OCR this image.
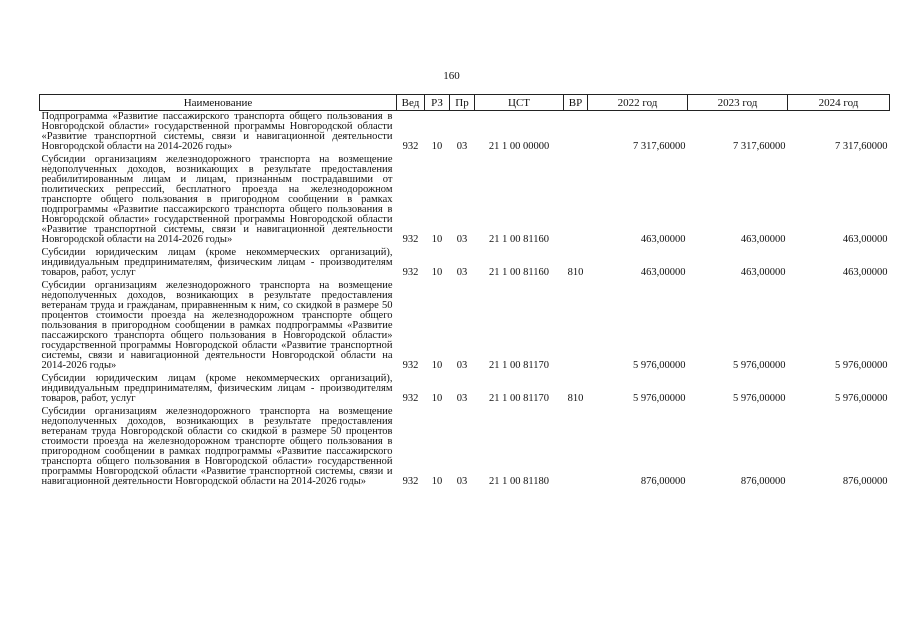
160
Наименование	Вед	РЗ	Пр	ЦСТ	ВР	2022 год	2023 год	2024 год
Подпрограмма «Развитие пассажирского транспорта общего пользования в Новгородской области» государственной программы Новгородской области «Развитие транспортной системы, связи и навигационной деятельности Новгородской области на 2014-2026 годы»	932	10	03	21 1 00 00000		7 317,60000	7 317,60000	7 317,60000
Субсидии организациям железнодорожного транспорта на возмещение недополученных доходов, возникающих в результате предоставления реабилитированным лицам и лицам, признанным пострадавшими от политических репрессий, бесплатного проезда на железнодорожном транспорте общего пользования в пригородном сообщении в рамках подпрограммы «Развитие пассажирского транспорта общего пользования в Новгородской области» государственной программы Новгородской области «Развитие транспортной системы, связи и навигационной деятельности Новгородской области на 2014-2026 годы»	932	10	03	21 1 00 81160		463,00000	463,00000	463,00000
Субсидии юридическим лицам (кроме некоммерческих организаций), индивидуальным предпринимателям, физическим лицам - производителям товаров, работ, услуг	932	10	03	21 1 00 81160	810	463,00000	463,00000	463,00000
Субсидии организациям железнодорожного транспорта на возмещение недополученных доходов, возникающих в результате предоставления ветеранам труда и гражданам, приравненным к ним, со скидкой в размере 50 процентов стоимости проезда на железнодорожном транспорте общего пользования в пригородном сообщении в рамках подпрограммы «Развитие пассажирского транспорта общего пользования в Новгородской области» государственной программы Новгородской области «Развитие транспортной системы, связи и навигационной деятельности Новгородской области на 2014-2026 годы»	932	10	03	21 1 00 81170		5 976,00000	5 976,00000	5 976,00000
Субсидии юридическим лицам (кроме некоммерческих организаций), индивидуальным предпринимателям, физическим лицам - производителям товаров, работ, услуг	932	10	03	21 1 00 81170	810	5 976,00000	5 976,00000	5 976,00000
Субсидии организациям железнодорожного транспорта на возмещение недополученных доходов, возникающих в результате предоставления ветеранам труда Новгородской области со скидкой в размере 50 процентов стоимости проезда на железнодорожном транспорте общего пользования в пригородном сообщении в рамках подпрограммы «Развитие пассажирского транспорта общего пользования в Новгородской области» государственной программы Новгородской области «Развитие транспортной системы, связи и навигационной деятельности Новгородской области на 2014-2026 годы»	932	10	03	21 1 00 81180		876,00000	876,00000	876,00000
